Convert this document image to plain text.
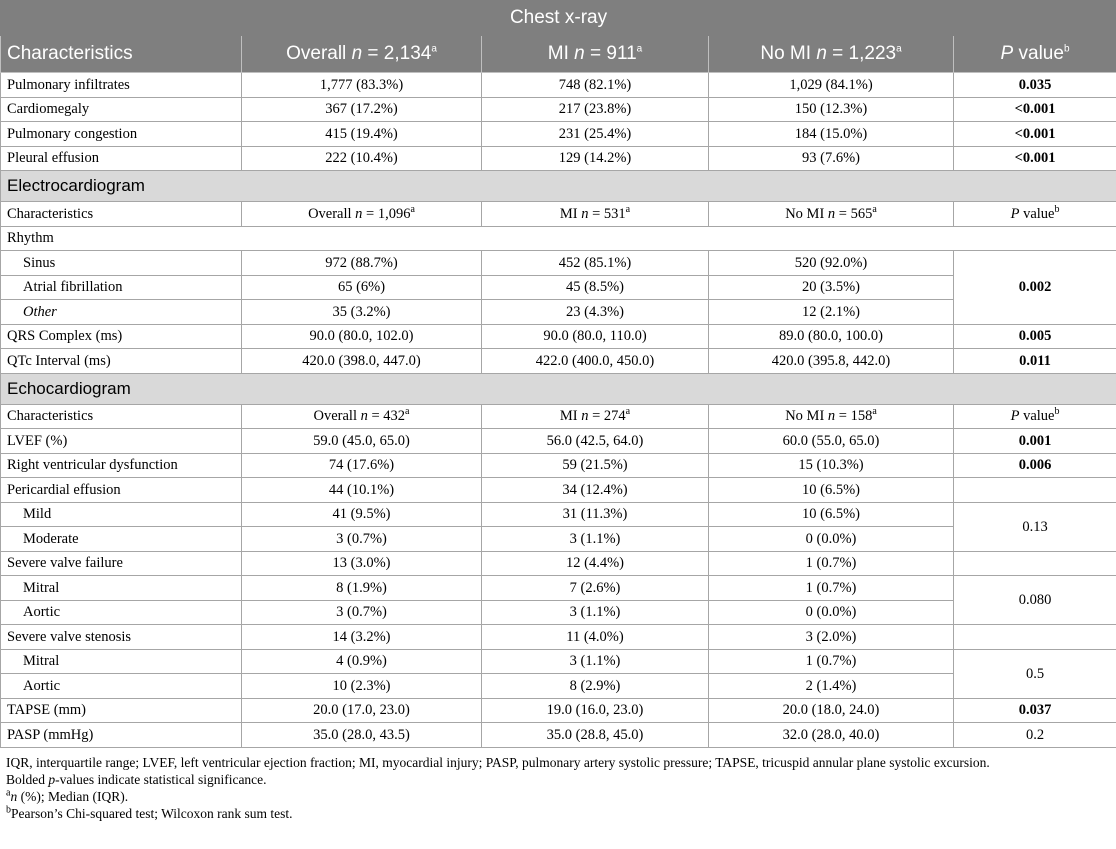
Chest x-ray				
Characteristics	Overall n = 2,134$^a$	MI $n = 911^a$	No MI n = 1,223$^a$	P value$^b$
Pulmonary infiltrates	1,777 (83.3%)	748 (82.1%)	1,029 (84.1%)	0.035
Cardiomegaly	367 (17.2%)	217 (23.8%)	150 (12.3%)	<0.001
Pulmonary congestion	415 (19.4%)	231 (25.4%)	184 (15.0%)	<0.001
Pleural effusion	222 (10.4%)	129 (14.2%)	93 (7.6%)	<0.001
Electrocardiogram				
Characteristics	Overall n = 1,096$^a$	MI $n = 531^a$	No MI $n = 565^a$	P value$^b$
Rhythm				
Sinus	972 (88.7%)	452 (85.1%)	520 (92.0%)	0.002
Atrial fibrillation	65 (6%)	45 (8.5%)	20 (3.5%)	
Other	35 (3.2%)	23 (4.3%)	12 (2.1%)	
QRS Complex (ms)	90.0 (80.0, 102.0)	90.0 (80.0, 110.0)	89.0 (80.0, 100.0)	0.005
QTc Interval (ms)	420.0 (398.0, 447.0)	422.0 (400.0, 450.0)	420.0 (395.8, 442.0)	0.011
Echocardiogram				
Characteristics	Overall $n = 432^a$	MI $n = 274^a$	No MI $n = 158^a$	P value$^b$
LVEF (%)	59.0 (45.0, 65.0)	56.0 (42.5, 64.0)	60.0 (55.0, 65.0)	0.001
Right ventricular dysfunction	74 (17.6%)	59 (21.5%)	15 (10.3%)	0.006
Pericardial effusion	44 (10.1%)	34 (12.4%)	10 (6.5%)	
Mild	41 (9.5%)	31 (11.3%)	10 (6.5%)	0.13
Moderate	3 (0.7%)	3 (1.1%)	0 (0.0%)	
Severe valve failure	13 (3.0%)	12 (4.4%)	1 (0.7%)	
Mitral	8 (1.9%)	7 (2.6%)	1 (0.7%)	0.080
Aortic	3 (0.7%)	3 (1.1%)	0 (0.0%)	
Severe valve stenosis	14 (3.2%)	11 (4.0%)	3 (2.0%)	
Mitral	4 (0.9%)	3 (1.1%)	1 (0.7%)	0.5
Aortic	10 (2.3%)	8 (2.9%)	2 (1.4%)	
TAPSE (mm)	20.0 (17.0, 23.0)	19.0 (16.0, 23.0)	20.0 (18.0, 24.0)	0.037
PASP (mmHg)	35.0 (28.0, 43.5)	35.0 (28.8, 45.0)	32.0 (28.0, 40.0)	0.2
IQR, interquartile range; LVEF, left ventricular ejection fraction; MI, myocardial injury; PASP, pulmonary artery systolic pressure; TAPSE, tricuspid annular plane systolic excursion.
Bolded p-values indicate statistical significance.
$^a$n (%); Median (IQR).
$^b$Pearson’s Chi-squared test; Wilcoxon rank sum test.
